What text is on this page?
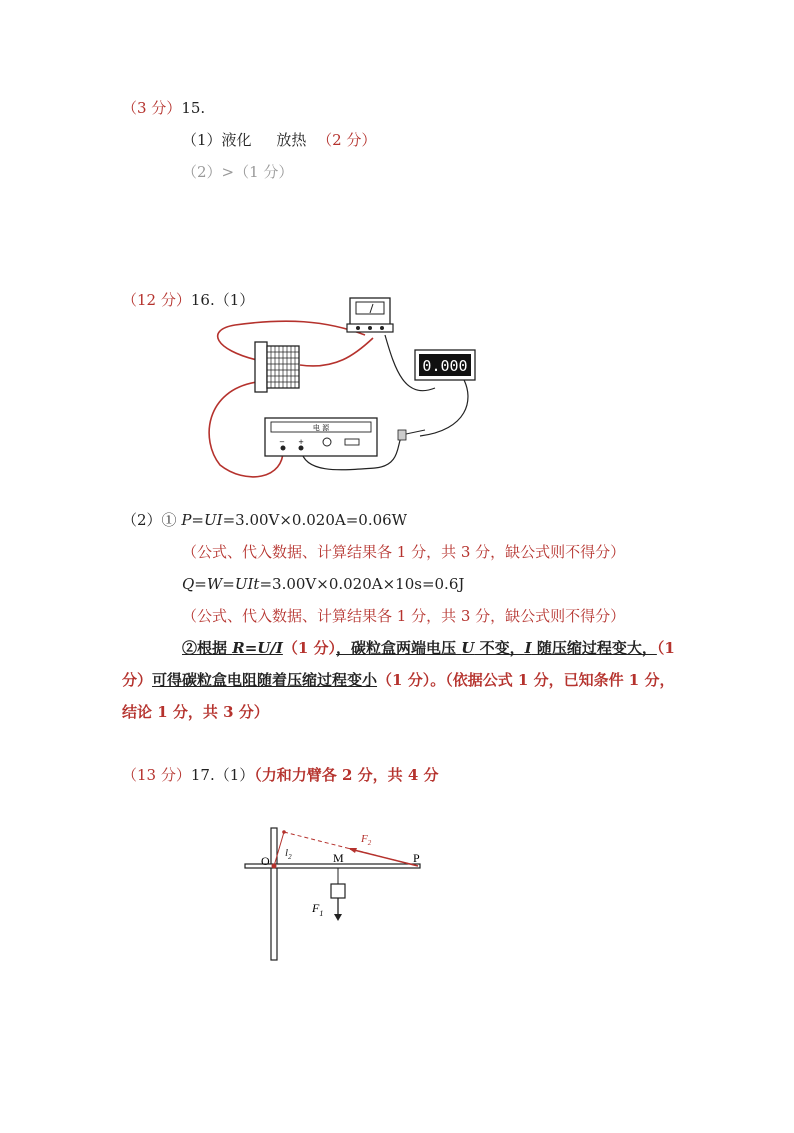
（3 分）15.
（1）液化 放热 （2 分）
（2）>（1 分）
（12 分）16.（1）
0.000
电 源
− +
（2）① P=UI=3.00V×0.020A=0.06W
（公式、代入数据、计算结果各 1 分，共 3 分，缺公式则不得分）
Q=W=UIt=3.00V×0.020A×10s=0.6J
（公式、代入数据、计算结果各 1 分，共 3 分，缺公式则不得分）
②根据 R=U/I（1 分），碳粒盒两端电压 U 不变，I 随压缩过程变大，（1
分）可得碳粒盒电阻随着压缩过程变小（1 分）。（依据公式 1 分，已知条件 1 分，
结论 1 分，共 3 分）
（13 分）17.（1）（力和力臂各 2 分，共 4 分
O
$l_2$	M	P
$F_2$
$F_1$
